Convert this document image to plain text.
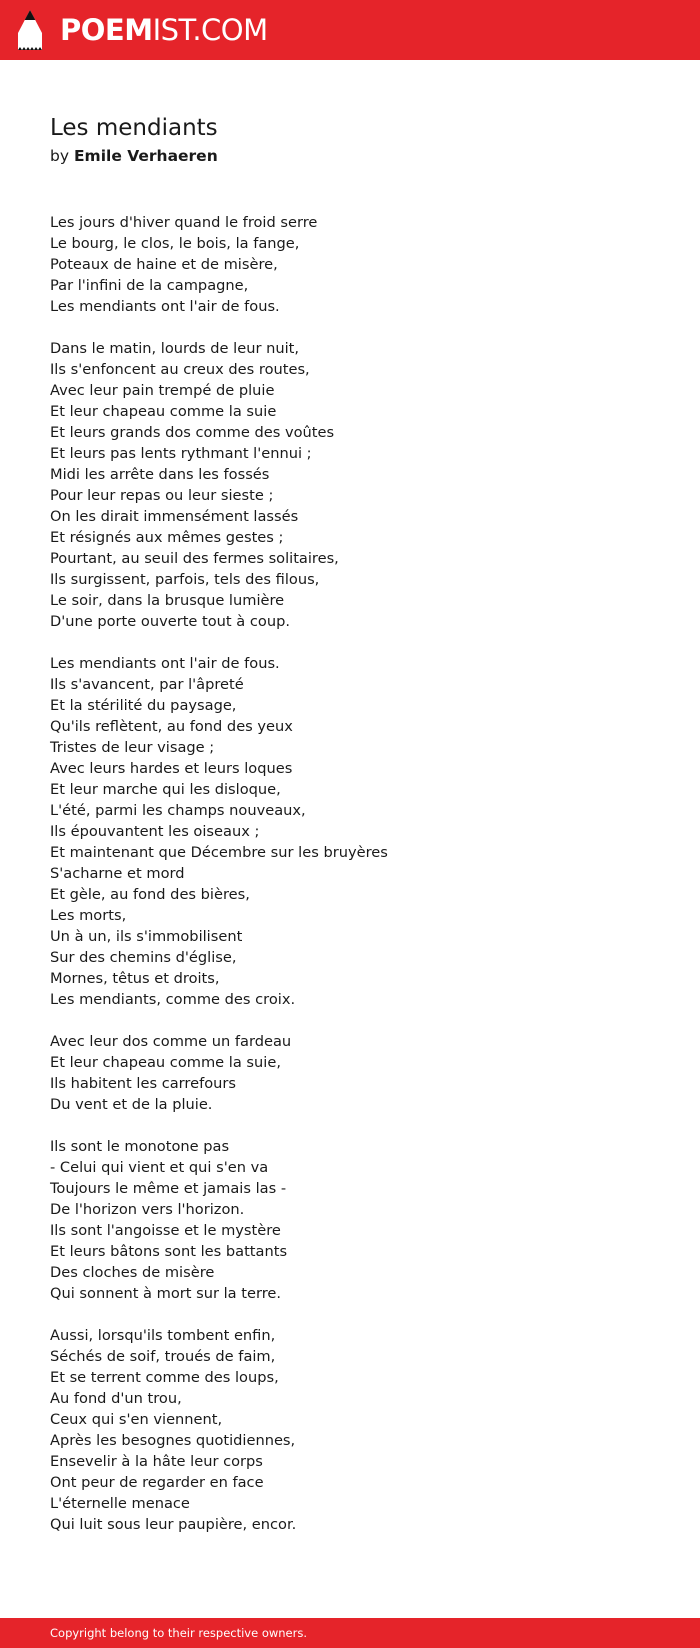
POEMIST.COM
Les mendiants

by Emile Verhaeren

Les jours d'hiver quand le froid serre
Le bourg, le clos, le bois, la fange,
Poteaux de haine et de misère,
Par l'infini de la campagne,
Les mendiants ont l'air de fous.

Dans le matin, lourds de leur nuit,
Ils s'enfoncent au creux des routes,
Avec leur pain trempé de pluie
Et leur chapeau comme la suie
Et leurs grands dos comme des voûtes
Et leurs pas lents rythmant l'ennui ;
Midi les arrête dans les fossés
Pour leur repas ou leur sieste ;
On les dirait immensément lassés
Et résignés aux mêmes gestes ;
Pourtant, au seuil des fermes solitaires,
Ils surgissent, parfois, tels des filous,
Le soir, dans la brusque lumière
D'une porte ouverte tout à coup.

Les mendiants ont l'air de fous.
Ils s'avancent, par l'âpreté
Et la stérilité du paysage,
Qu'ils reflètent, au fond des yeux
Tristes de leur visage ;
Avec leurs hardes et leurs loques
Et leur marche qui les disloque,
L'été, parmi les champs nouveaux,
Ils épouvantent les oiseaux ;
Et maintenant que Décembre sur les bruyères
S'acharne et mord
Et gèle, au fond des bières,
Les morts,
Un à un, ils s'immobilisent
Sur des chemins d'église,
Mornes, têtus et droits,
Les mendiants, comme des croix.

Avec leur dos comme un fardeau
Et leur chapeau comme la suie,
Ils habitent les carrefours
Du vent et de la pluie.

Ils sont le monotone pas
- Celui qui vient et qui s'en va
Toujours le même et jamais las -
De l'horizon vers l'horizon.
Ils sont l'angoisse et le mystère
Et leurs bâtons sont les battants
Des cloches de misère
Qui sonnent à mort sur la terre.

Aussi, lorsqu'ils tombent enfin,
Séchés de soif, troués de faim,
Et se terrent comme des loups,
Au fond d'un trou,
Ceux qui s'en viennent,
Après les besognes quotidiennes,
Ensevelir à la hâte leur corps
Ont peur de regarder en face
L'éternelle menace
Qui luit sous leur paupière, encor.

Copyright belong to their respective owners.
